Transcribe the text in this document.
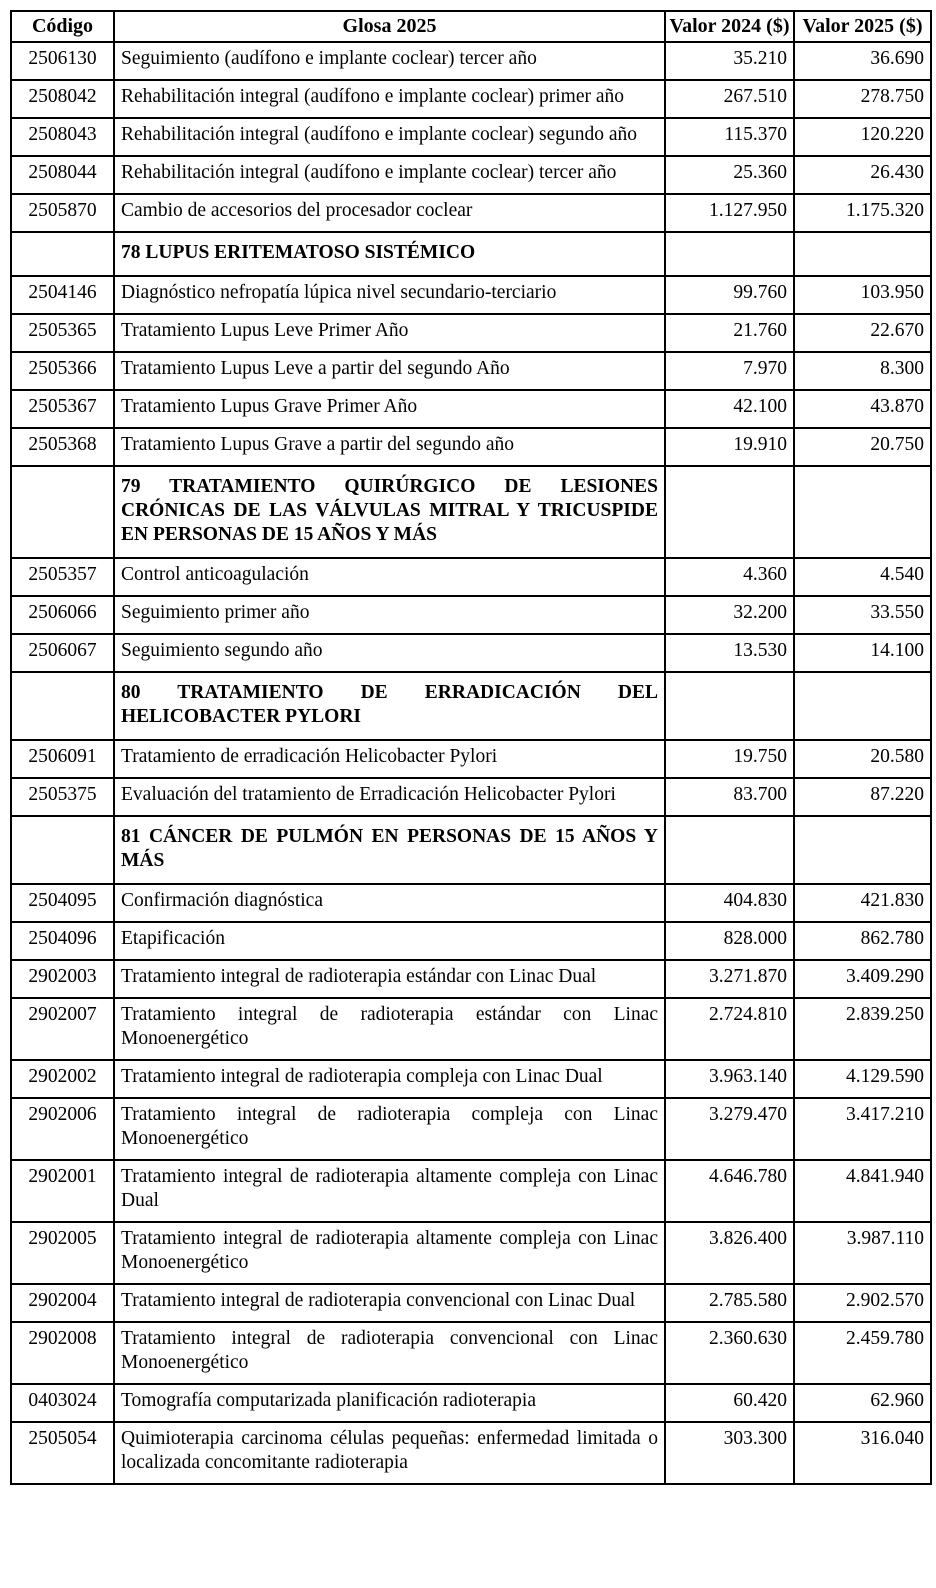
Código	Glosa 2025	Valor 2024 ($)	Valor 2025 ($)
2506130	Seguimiento (audífono e implante coclear) tercer año	35.210	36.690
2508042	Rehabilitación integral (audífono e implante coclear) primer año	267.510	278.750
2508043	Rehabilitación integral (audífono e implante coclear) segundo año	115.370	120.220
2508044	Rehabilitación integral (audífono e implante coclear) tercer año	25.360	26.430
2505870	Cambio de accesorios del procesador coclear	1.127.950	1.175.320
	78 LUPUS ERITEMATOSO SISTÉMICO		
2504146	Diagnóstico nefropatía lúpica nivel secundario-terciario	99.760	103.950
2505365	Tratamiento Lupus Leve Primer Año	21.760	22.670
2505366	Tratamiento Lupus Leve a partir del segundo Año	7.970	8.300
2505367	Tratamiento Lupus Grave Primer Año	42.100	43.870
2505368	Tratamiento Lupus Grave a partir del segundo año	19.910	20.750
	79 TRATAMIENTO QUIRÚRGICO DE LESIONES CRÓNICAS DE LAS VÁLVULAS MITRAL Y TRICUSPIDE EN PERSONAS DE 15 AÑOS Y MÁS		
2505357	Control anticoagulación	4.360	4.540
2506066	Seguimiento primer año	32.200	33.550
2506067	Seguimiento segundo año	13.530	14.100
	80 TRATAMIENTO DE ERRADICACIÓN DEL HELICOBACTER PYLORI		
2506091	Tratamiento de erradicación Helicobacter Pylori	19.750	20.580
2505375	Evaluación del tratamiento de Erradicación Helicobacter Pylori	83.700	87.220
	81 CÁNCER DE PULMÓN EN PERSONAS DE 15 AÑOS Y MÁS		
2504095	Confirmación diagnóstica	404.830	421.830
2504096	Etapificación	828.000	862.780
2902003	Tratamiento integral de radioterapia estándar con Linac Dual	3.271.870	3.409.290
2902007	Tratamiento integral de radioterapia estándar con Linac Monoenergético	2.724.810	2.839.250
2902002	Tratamiento integral de radioterapia compleja con Linac Dual	3.963.140	4.129.590
2902006	Tratamiento integral de radioterapia compleja con Linac Monoenergético	3.279.470	3.417.210
2902001	Tratamiento integral de radioterapia altamente compleja con Linac Dual	4.646.780	4.841.940
2902005	Tratamiento integral de radioterapia altamente compleja con Linac Monoenergético	3.826.400	3.987.110
2902004	Tratamiento integral de radioterapia convencional con Linac Dual	2.785.580	2.902.570
2902008	Tratamiento integral de radioterapia convencional con Linac Monoenergético	2.360.630	2.459.780
0403024	Tomografía computarizada planificación radioterapia	60.420	62.960
2505054	Quimioterapia carcinoma células pequeñas: enfermedad limitada o localizada concomitante radioterapia	303.300	316.040
